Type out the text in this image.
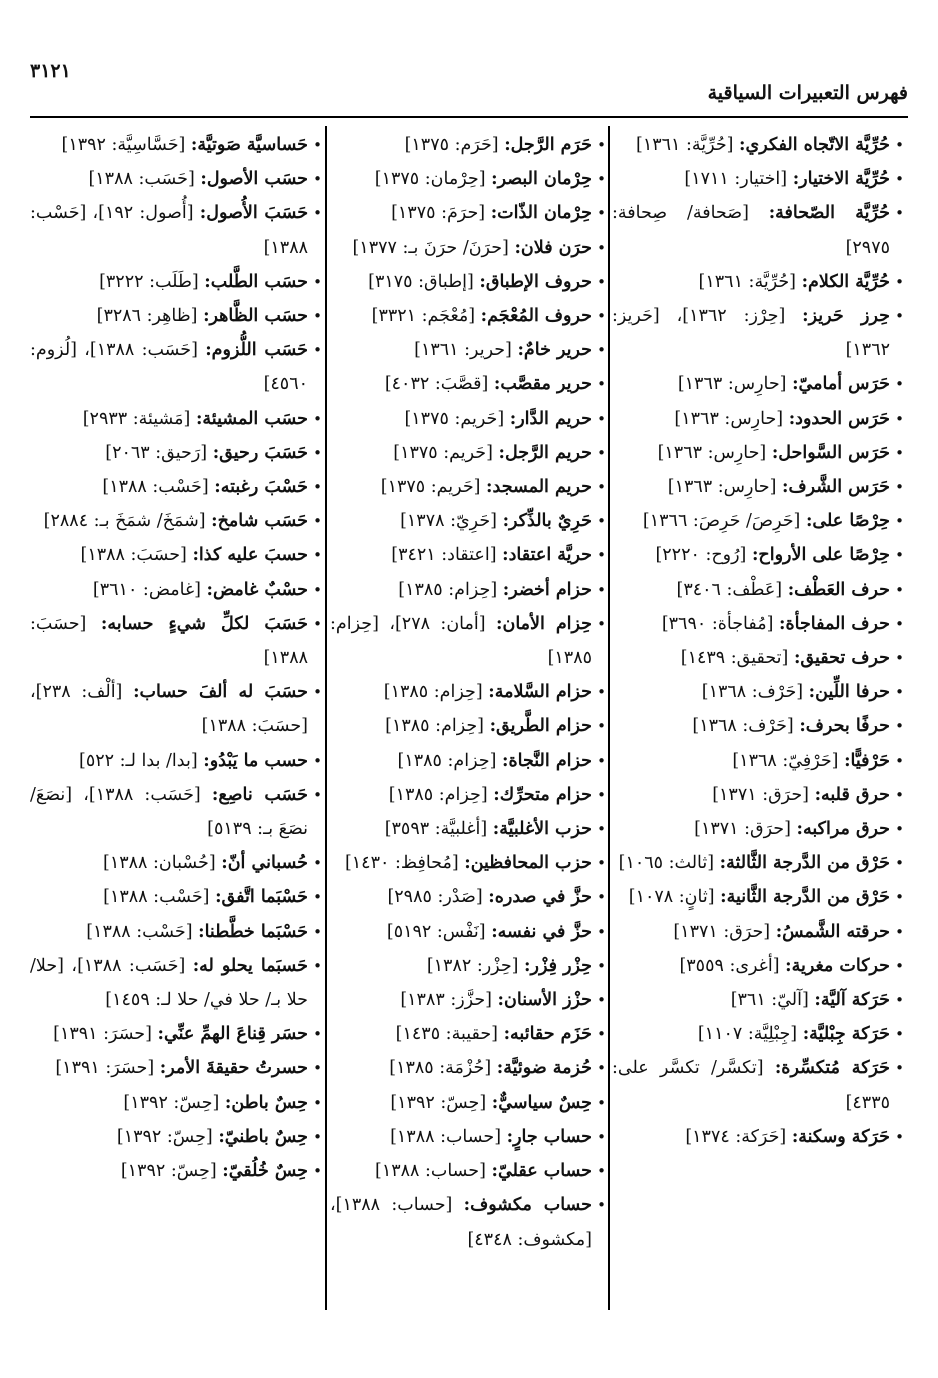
فهرس التعبيرات السياقية
٣١٢١

• حُرِّيَّة الاتّجاه الفكري: [حُرِّيَّة: ١٣٦١]

• حُرِّيَّة الاختيار: [اختيار: ١٧١١]

• حُرِّيَّة الصّحافة: [صَحافة/ صِحافة: ٢٩٧٥]

• حُرِّيَّة الكلام: [حُرِّيَّة: ١٣٦١]

• حِرز حَريز: [حِرْز: ١٣٦٢]، [حَريز: ١٣٦٢]

• حَرَس أماميّ: [حارِس: ١٣٦٣]

• حَرَس الحدود: [حارِس: ١٣٦٣]

• حَرَس السَّواحل: [حارِس: ١٣٦٣]

• حَرَس الشَّرف: [حارِس: ١٣٦٣]

• حِرْصًا على: [حَرِصَ/ حَرِصَ: ١٣٦٦]

• حِرْصًا على الأرواح: [رُوح: ٢٢٢٠]

• حرف العَطْف: [عَطْف: ٣٤٠٦]

• حرف المفاجأة: [مُفاجأة: ٣٦٩٠]

• حرف تحقيق: [تحقيق: ١٤٣٩]

• حرفا اللِّين: [حَرْف: ١٣٦٨]

• حرفًا بحرف: [حَرْف: ١٣٦٨]

• حَرْفيًّا: [حَرْفِيّ: ١٣٦٨]

• حرق قلبه: [حرَق: ١٣٧١]

• حرق مراكبه: [حرَق: ١٣٧١]

• حَرْق من الدَّرجة الثَّالثة: [ثالث: ١٠٦٥]

• حَرْق من الدَّرجة الثَّانية: [ثانٍ: ١٠٧٨]

• حرقته الشَّمسُ: [حرَق: ١٣٧١]

• حركات مغرية: [أغرى: ٣٥٥٩]

• حَرَكة آليَّة: [آليّ: ٣٦١]

• حَرَكة جِبْليَّة: [جِبْلِيَّة: ١١٠٧]

• حَرَكة مُتكسِّرة: [تكسَّر/ تكسَّر على: ٤٣٣٥]

• حَرَكة وسكنة: [حَرَكة: ١٣٧٤]

• حَرَم الرَّجل: [حَرَم: ١٣٧٥]

• حِرْمان البصر: [حِرْمان: ١٣٧٥]

• حِرْمان الذّات: [حرَمَ: ١٣٧٥]

• حرَن فلان: [حرَنَ/ حرَنَ بـ: ١٣٧٧]

• حروف الإطباق: [إطباق: ٣١٧٥]

• حروف المُعْجَم: [مُعْجَم: ٣٣٢١]

• حرير خامٌ: [حرير: ١٣٦١]

• حرير مقصَّب: [قصَّبَ: ٤٠٣٢]

• حريم الدَّار: [حَريم: ١٣٧٥]

• حريم الرَّجل: [حَريم: ١٣٧٥]

• حريم المسجد: [حَريم: ١٣٧٥]

• حَرِيٌ بالذِّكر: [حَرِيّ: ١٣٧٨]

• حريَّة اعتقاد: [اعتقاد: ٣٤٢١]

• حزام أخضر: [حِزام: ١٣٨٥]

• حِزام الأمان: [أمان: ٢٧٨]، [حِزام: ١٣٨٥]

• حزام السَّلامة: [حِزام: ١٣٨٥]

• حزام الطَّريق: [حِزام: ١٣٨٥]

• حزام النَّجاة: [حِزام: ١٣٨٥]

• حزام متحرِّك: [حِزام: ١٣٨٥]

• حزب الأغلبيَّة: [أغلبيَّة: ٣٥٩٣]

• حزب المحافظين: [مُحافِظ: ١٤٣٠]

• حزَّ في صدره: [صَدْر: ٢٩٨٥]

• حزَّ في نفسه: [نَفْس: ٥١٩٢]

• حِزْر فِزْر: [حِزْر: ١٣٨٢]

• حزْز الأسنان: [حزَّز: ١٣٨٣]

• حَزَم حقائبه: [حقيبة: ١٤٣٥]

• حُزمة ضوئيَّة: [حُزْمَة: ١٣٨٥]

• حِسٌ سياسيٌّ: [حِسّ: ١٣٩٢]

• حساب جارٍ: [حساب: ١٣٨٨]

• حساب عقليّ: [حساب: ١٣٨٨]

• حساب مكشوف: [حساب: ١٣٨٨]، [مكشوف: ٤٣٤٨]

• حَساسيَّة صَوتيَّة: [حَسَّاسِيَّة: ١٣٩٢]

• حسَب الأصول: [حَسَب: ١٣٨٨]

• حَسَبَ الأُصول: [أُصول: ١٩٢]، [حَسْب: ١٣٨٨]

• حسَب الطَّلب: [طَلَب: ٣٢٢٢]

• حسَب الظَّاهر: [ظاهِر: ٣٢٨٦]

• حَسَب اللُّزوم: [حَسَب: ١٣٨٨]، [لُزوم: ٤٥٦٠]

• حسَب المشيئة: [مَشيئة: ٢٩٣٣]

• حَسَبَ رحيق: [رَحيق: ٢٠٦٣]

• حَسْبَ رغبته: [حَسْب: ١٣٨٨]

• حَسَب شامخ: [شمَخَ/ شمَخَ بـ: ٢٨٨٤]

• حسبَ عليه كذا: [حسَبَ: ١٣٨٨]

• حسْبٌ غامض: [غامض: ٣٦١٠]

• حَسَبَ لكلِّ شيءٍ حسابه: [حسَبَ: ١٣٨٨]

• حسَبَ له ألفَ حساب: [ألْف: ٢٣٨]، [حسَبَ: ١٣٨٨]

• حسب ما يَبْدُو: [بدا/ بدا لـ: ٥٢٢]

• حَسَب ناصِع: [حَسَب: ١٣٨٨]، [نصَعَ/ نصَعَ بـ: ٥١٣٩]

• حُسباني أنّ: [حُسْبان: ١٣٨٨]

• حَسْبَما اتَّفق: [حَسْب: ١٣٨٨]

• حَسْبَما خطَّطنا: [حَسْب: ١٣٨٨]

• حَسبَما يحلو له: [حَسَب: ١٣٨٨]، [حلا/ حلا بـ/ حلا في/ حلا لـ: ١٤٥٩]

• حسَر قِناعَ الهمِّ عنِّي: [حسَرَ: ١٣٩١]

• حسرتُ حقيقةَ الأمر: [حسَرَ: ١٣٩١]

• حِسٌ باطن: [حِسّ: ١٣٩٢]

• حِسٌ باطنيّ: [حِسّ: ١٣٩٢]

• حِسٌ خُلُقيّ: [حِسّ: ١٣٩٢]
